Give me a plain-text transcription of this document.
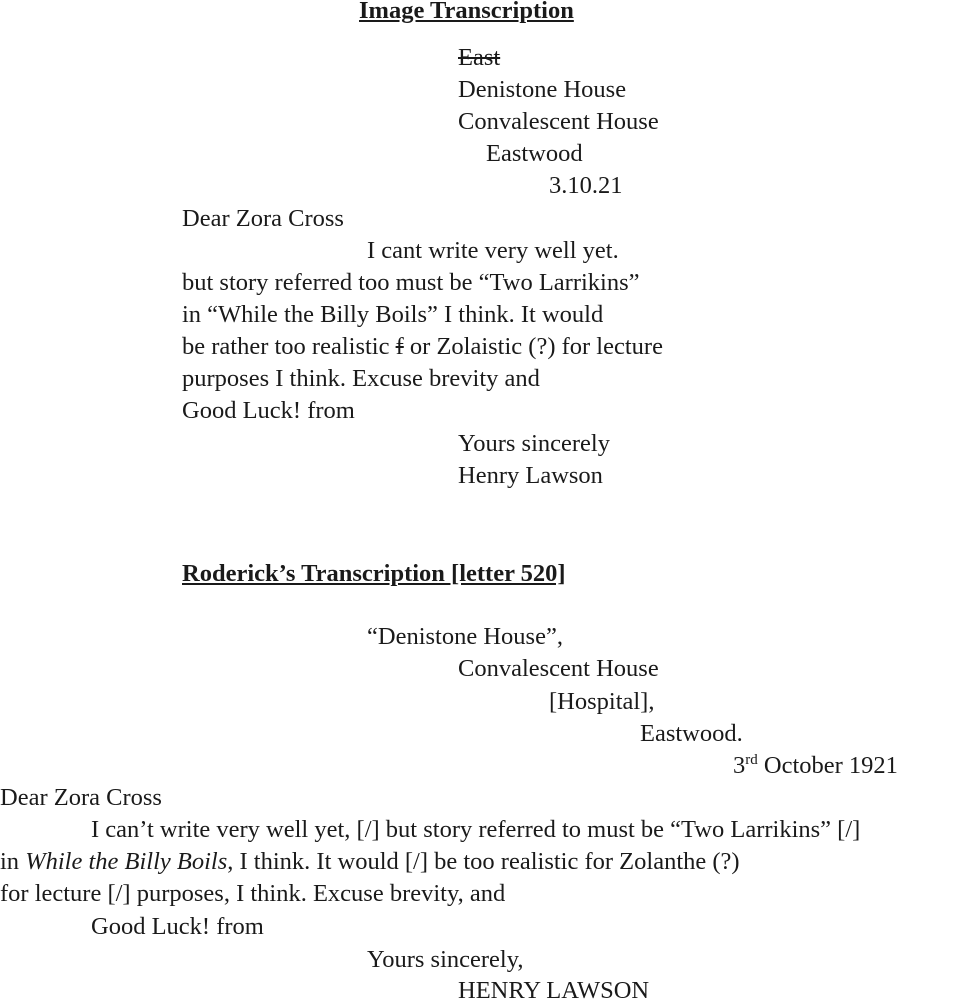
Image Transcription
East
Denistone House
Convalescent House
Eastwood
3.10.21
Dear Zora Cross
I cant write very well yet.
but story referred too must be “Two Larrikins”
in “While the Billy Boils” I think. It would
be rather too realistic f or Zolaistic (?) for lecture
purposes I think. Excuse brevity and
Good Luck! from
Yours sincerely
Henry Lawson
Roderick’s Transcription [letter 520]
“Denistone House”,
Convalescent House
[Hospital],
Eastwood.
3rd October 1921
Dear Zora Cross
I can’t write very well yet, [/] but story referred to must be “Two Larrikins” [/]
in While the Billy Boils, I think. It would [/] be too realistic for Zolanthe (?)
for lecture [/] purposes, I think. Excuse brevity, and
Good Luck! from
Yours sincerely,
HENRY LAWSON
